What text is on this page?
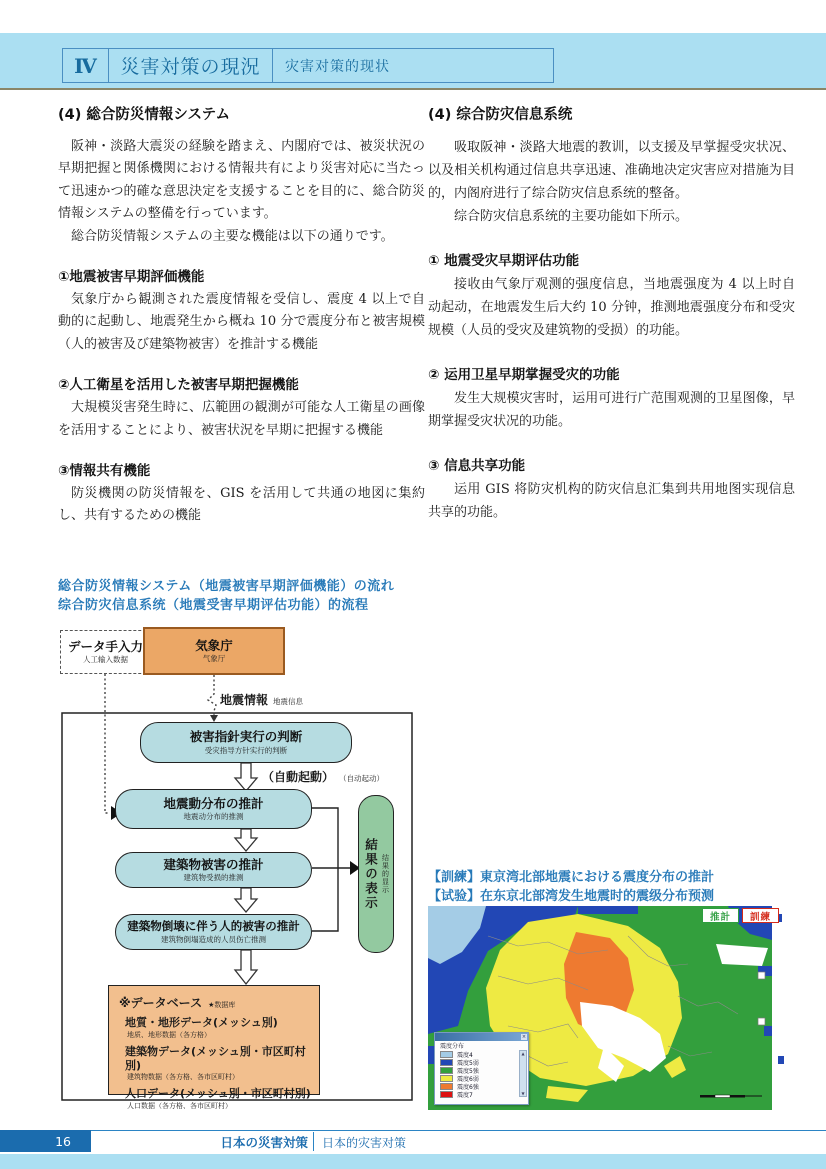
Ⅳ	災害対策の現況	灾害对策的现状
(4) 総合防災情報システム

阪神・淡路大震災の経験を踏まえ、内閣府では、被災状況の早期把握と関係機関における情報共有により災害対応に当たって迅速かつ的確な意思決定を支援することを目的に、総合防災情報システムの整備を行っています。

総合防災情報システムの主要な機能は以下の通りです。

①地震被害早期評価機能

気象庁から観測された震度情報を受信し、震度 4 以上で自動的に起動し、地震発生から概ね 10 分で震度分布と被害規模（人的被害及び建築物被害）を推計する機能

②人工衛星を活用した被害早期把握機能

大規模災害発生時に、広範囲の観測が可能な人工衛星の画像を活用することにより、被害状況を早期に把握する機能

③情報共有機能

防災機関の防災情報を、GIS を活用して共通の地図に集約し、共有するための機能

(4) 综合防灾信息系统

吸取阪神・淡路大地震的教训，以支援及早掌握受灾状况、以及相关机构通过信息共享迅速、准确地决定灾害应对措施为目的，内阁府进行了综合防灾信息系统的整备。

综合防灾信息系统的主要功能如下所示。

① 地震受灾早期评估功能

接收由气象厅观测的强度信息，当地震强度为 4 以上时自动起动，在地震发生后大约 10 分钟，推测地震强度分布和受灾规模（人员的受灾及建筑物的受损）的功能。

② 运用卫星早期掌握受灾的功能

发生大规模灾害时，运用可进行广范围观测的卫星图像，早期掌握受灾状况的功能。

③ 信息共享功能

运用 GIS 将防灾机构的防灾信息汇集到共用地图实现信息共享的功能。

総合防災情報システム（地震被害早期評価機能）の流れ
综合防灾信息系统（地震受害早期评估功能）的流程
データ手入力
人工输入数据
気象庁
气象厅
地震情報 地震信息
被害指針実行の判断
受灾指导方针实行的判断
（自動起動） （自动起动）
地震動分布の推計
地震动分布的推测
建築物被害の推計
建筑物受损的推测
建築物倒壊に伴う人的被害の推計
建筑物倒塌造成的人员伤亡推测
結果の表示 结果的显示
※データベース ★数据库
地質・地形データ(メッシュ別)
地质、地形数据（各方格）
建築物データ(メッシュ別・市区町村別)
建筑物数据（各方格、各市区町村）
人口データ(メッシュ別・市区町村別)
人口数据（各方格、各市区町村）
【訓練】東京湾北部地震における震度分布の推計
【试验】在东京北部湾发生地震时的震级分布预测
推計	訓練
×
震度分布
震度4
震度5弱
震度5強
震度6弱
震度6強
震度7
▲
▼
16	日本の災害対策 日本的灾害对策
